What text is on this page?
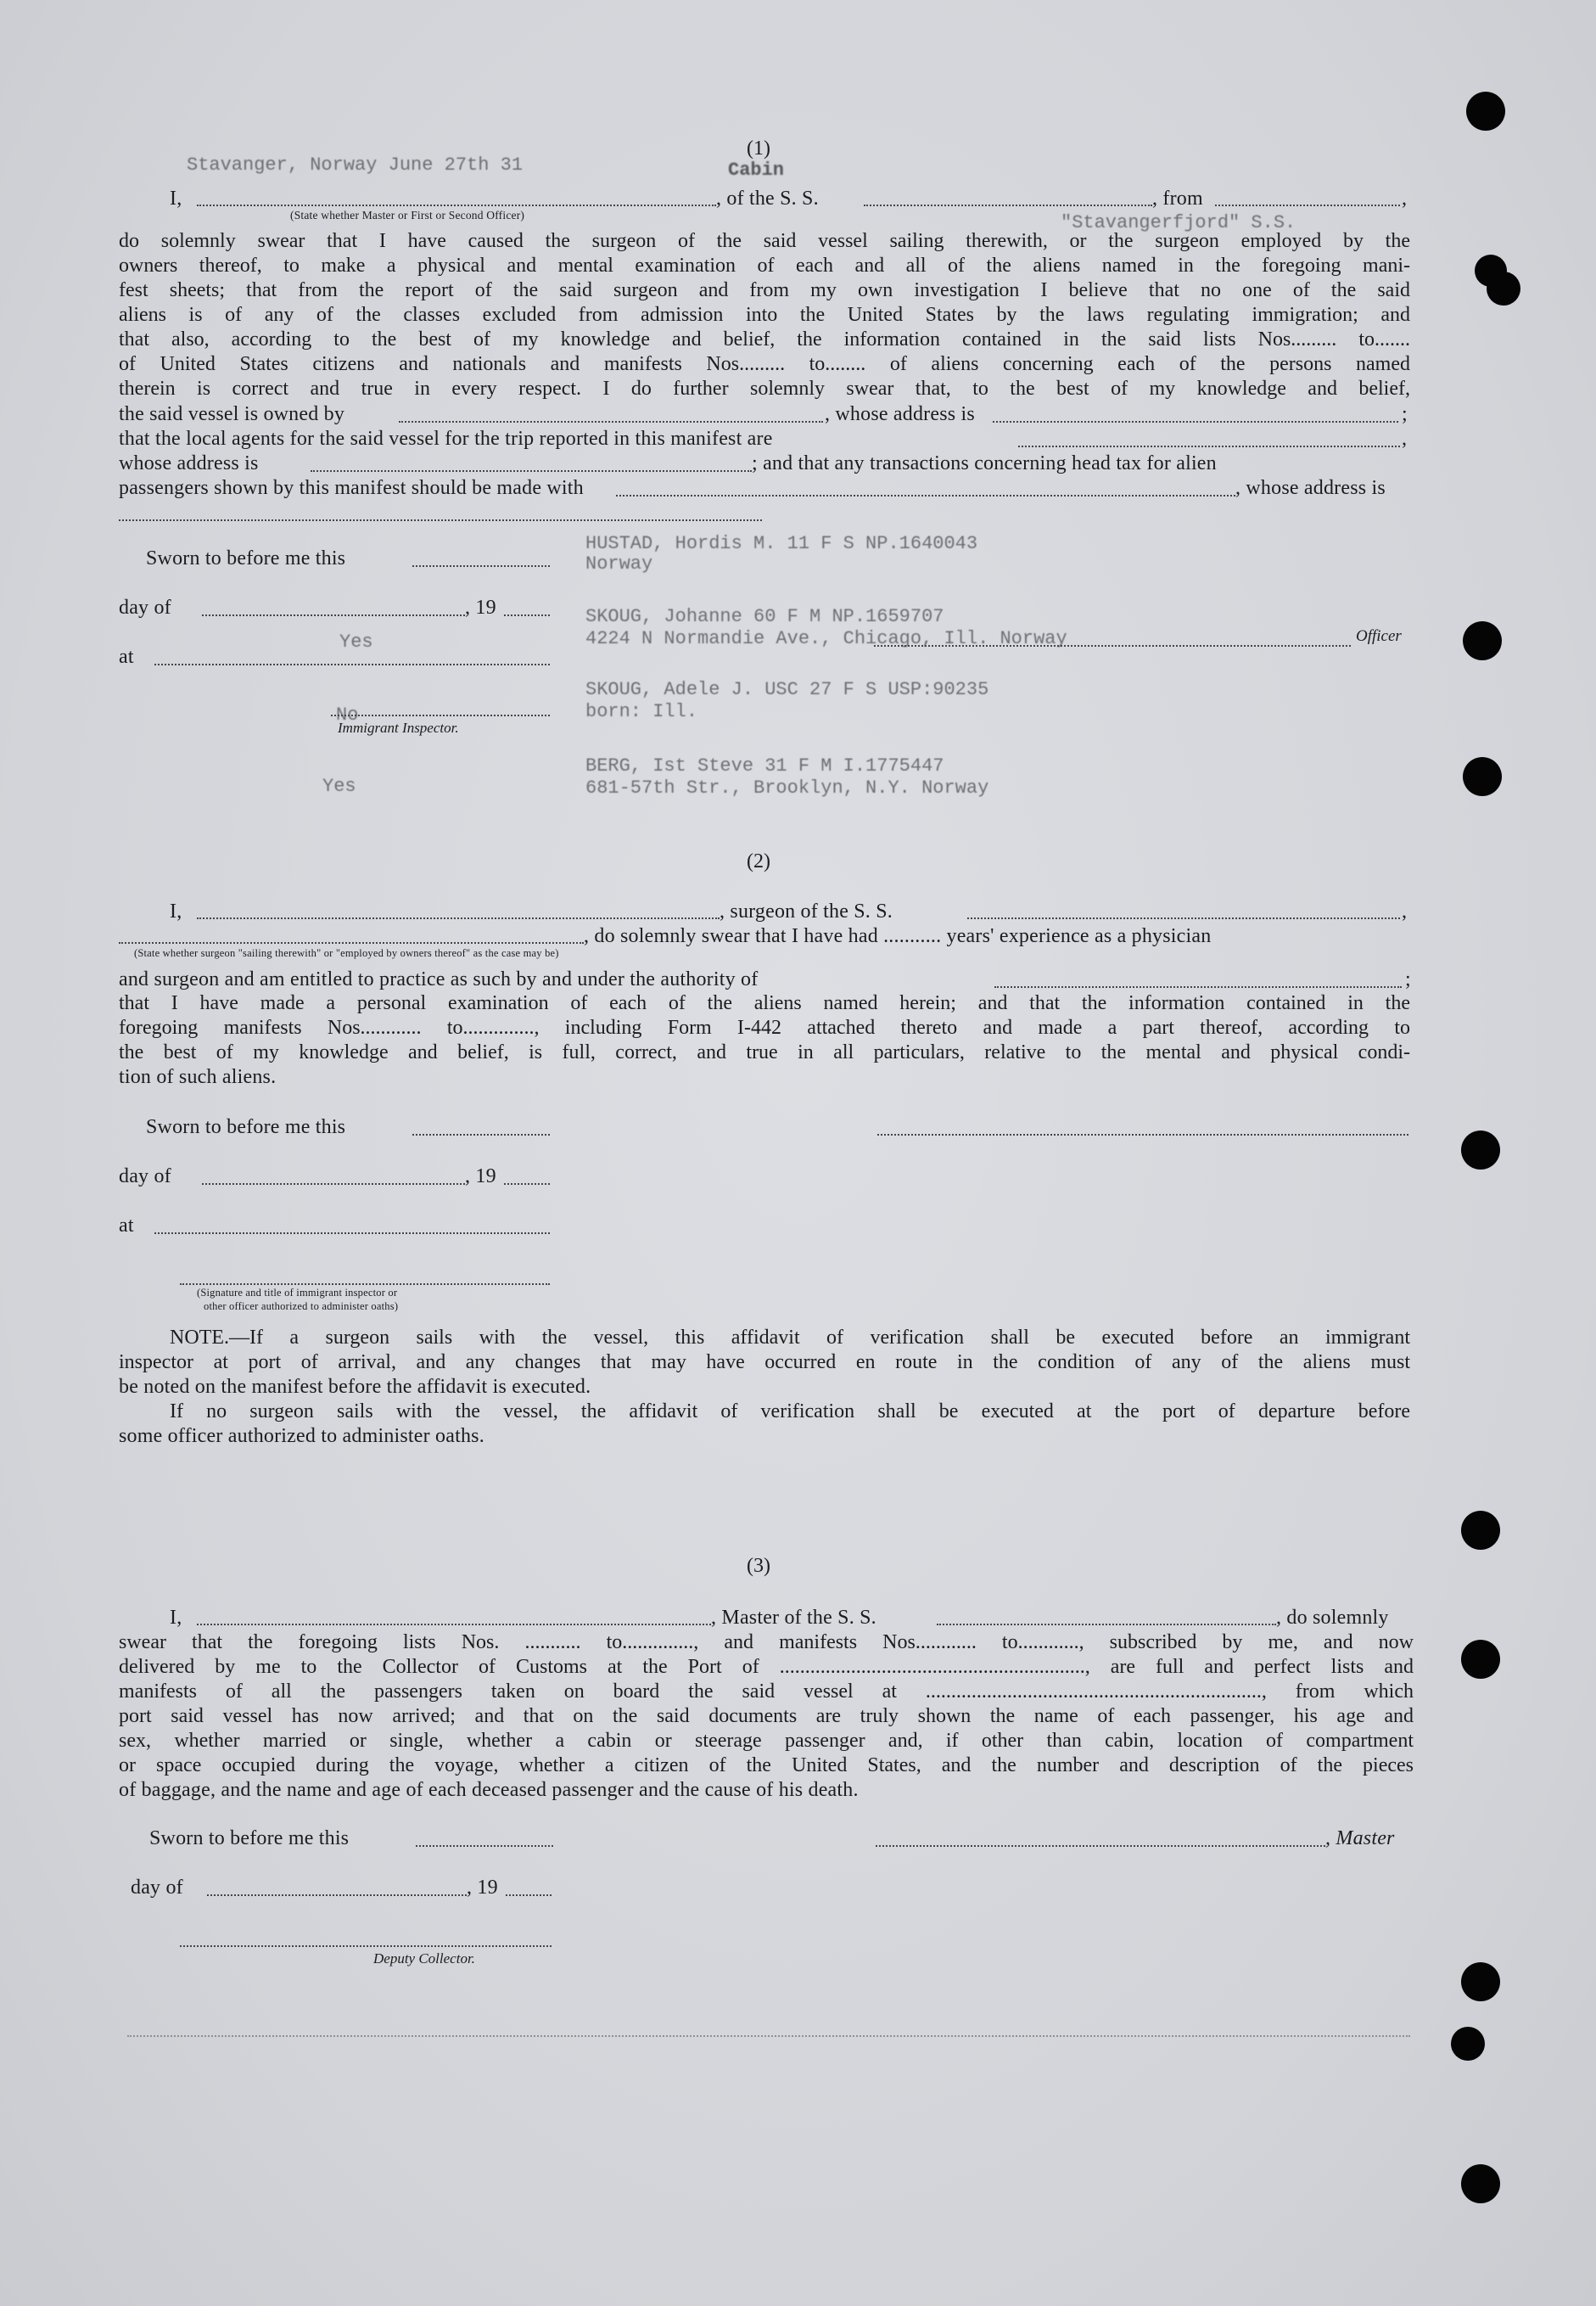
Stavanger, Norway June 27th 31
"Stavangerfjord" S.S.
HUSTAD, Hordis M. 11 F S NP.1640043
Norway
SKOUG, Johanne 60 F M NP.1659707
4224 N Normandie Ave., Chicago, Ill. Norway
SKOUG, Adele J. USC 27 F S USP:90235
born: Ill.
BERG, Ist Steve 31 F M I.1775447
681-57th Str., Brooklyn, N.Y. Norway
Yes
No
Yes
(1)
Cabin
I,	, of the S. S.	, from	,
(State whether Master or First or Second Officer)
do solemnly swear that I have caused the surgeon of the said vessel sailing therewith, or the surgeon employed by the
owners thereof, to make a physical and mental examination of each and all of the aliens named in the foregoing mani-
fest sheets; that from the report of the said surgeon and from my own investigation I believe that no one of the said
aliens is of any of the classes excluded from admission into the United States by the laws regulating immigration; and
that also, according to the best of my knowledge and belief, the information contained in the said lists Nos......... to.......
of United States citizens and nationals and manifests Nos......... to........ of aliens concerning each of the persons named
therein is correct and true in every respect. I do further solemnly swear that, to the best of my knowledge and belief,
the said vessel is owned by	, whose address is	;
that the local agents for the said vessel for the trip reported in this manifest are	,
whose address is	; and that any transactions concerning head tax for alien
passengers shown by this manifest should be made with	, whose address is
Sworn to before me this
day of	, 19
at
Officer
Immigrant Inspector.
(2)
I,	, surgeon of the S. S.	,
, do solemnly swear that I have had ........... years' experience as a physician
(State whether surgeon "sailing therewith" or "employed by owners thereof" as the case may be)
and surgeon and am entitled to practice as such by and under the authority of	;
that I have made a personal examination of each of the aliens named herein; and that the information contained in the
foregoing manifests Nos............ to.............., including Form I-442 attached thereto and made a part thereof, according to
the best of my knowledge and belief, is full, correct, and true in all particulars, relative to the mental and physical condi-
tion of such aliens.
Sworn to before me this
day of	, 19
at
(Signature and title of immigrant inspector or
other officer authorized to administer oaths)
NOTE.—If a surgeon sails with the vessel, this affidavit of verification shall be executed before an immigrant
inspector at port of arrival, and any changes that may have occurred en route in the condition of any of the aliens must
be noted on the manifest before the affidavit is executed.
If no surgeon sails with the vessel, the affidavit of verification shall be executed at the port of departure before
some officer authorized to administer oaths.
(3)
I,	, Master of the S. S.	, do solemnly
swear that the foregoing lists Nos. ........... to.............., and manifests Nos............ to............, subscribed by me, and now
delivered by me to the Collector of Customs at the Port of ............................................................, are full and perfect lists and
manifests of all the passengers taken on board the said vessel at .................................................................., from which
port said vessel has now arrived; and that on the said documents are truly shown the name of each passenger, his age and
sex, whether married or single, whether a cabin or steerage passenger and, if other than cabin, location of compartment
or space occupied during the voyage, whether a citizen of the United States, and the number and description of the pieces
of baggage, and the name and age of each deceased passenger and the cause of his death.
Sworn to before me this	, Master
day of	, 19
Deputy Collector.
